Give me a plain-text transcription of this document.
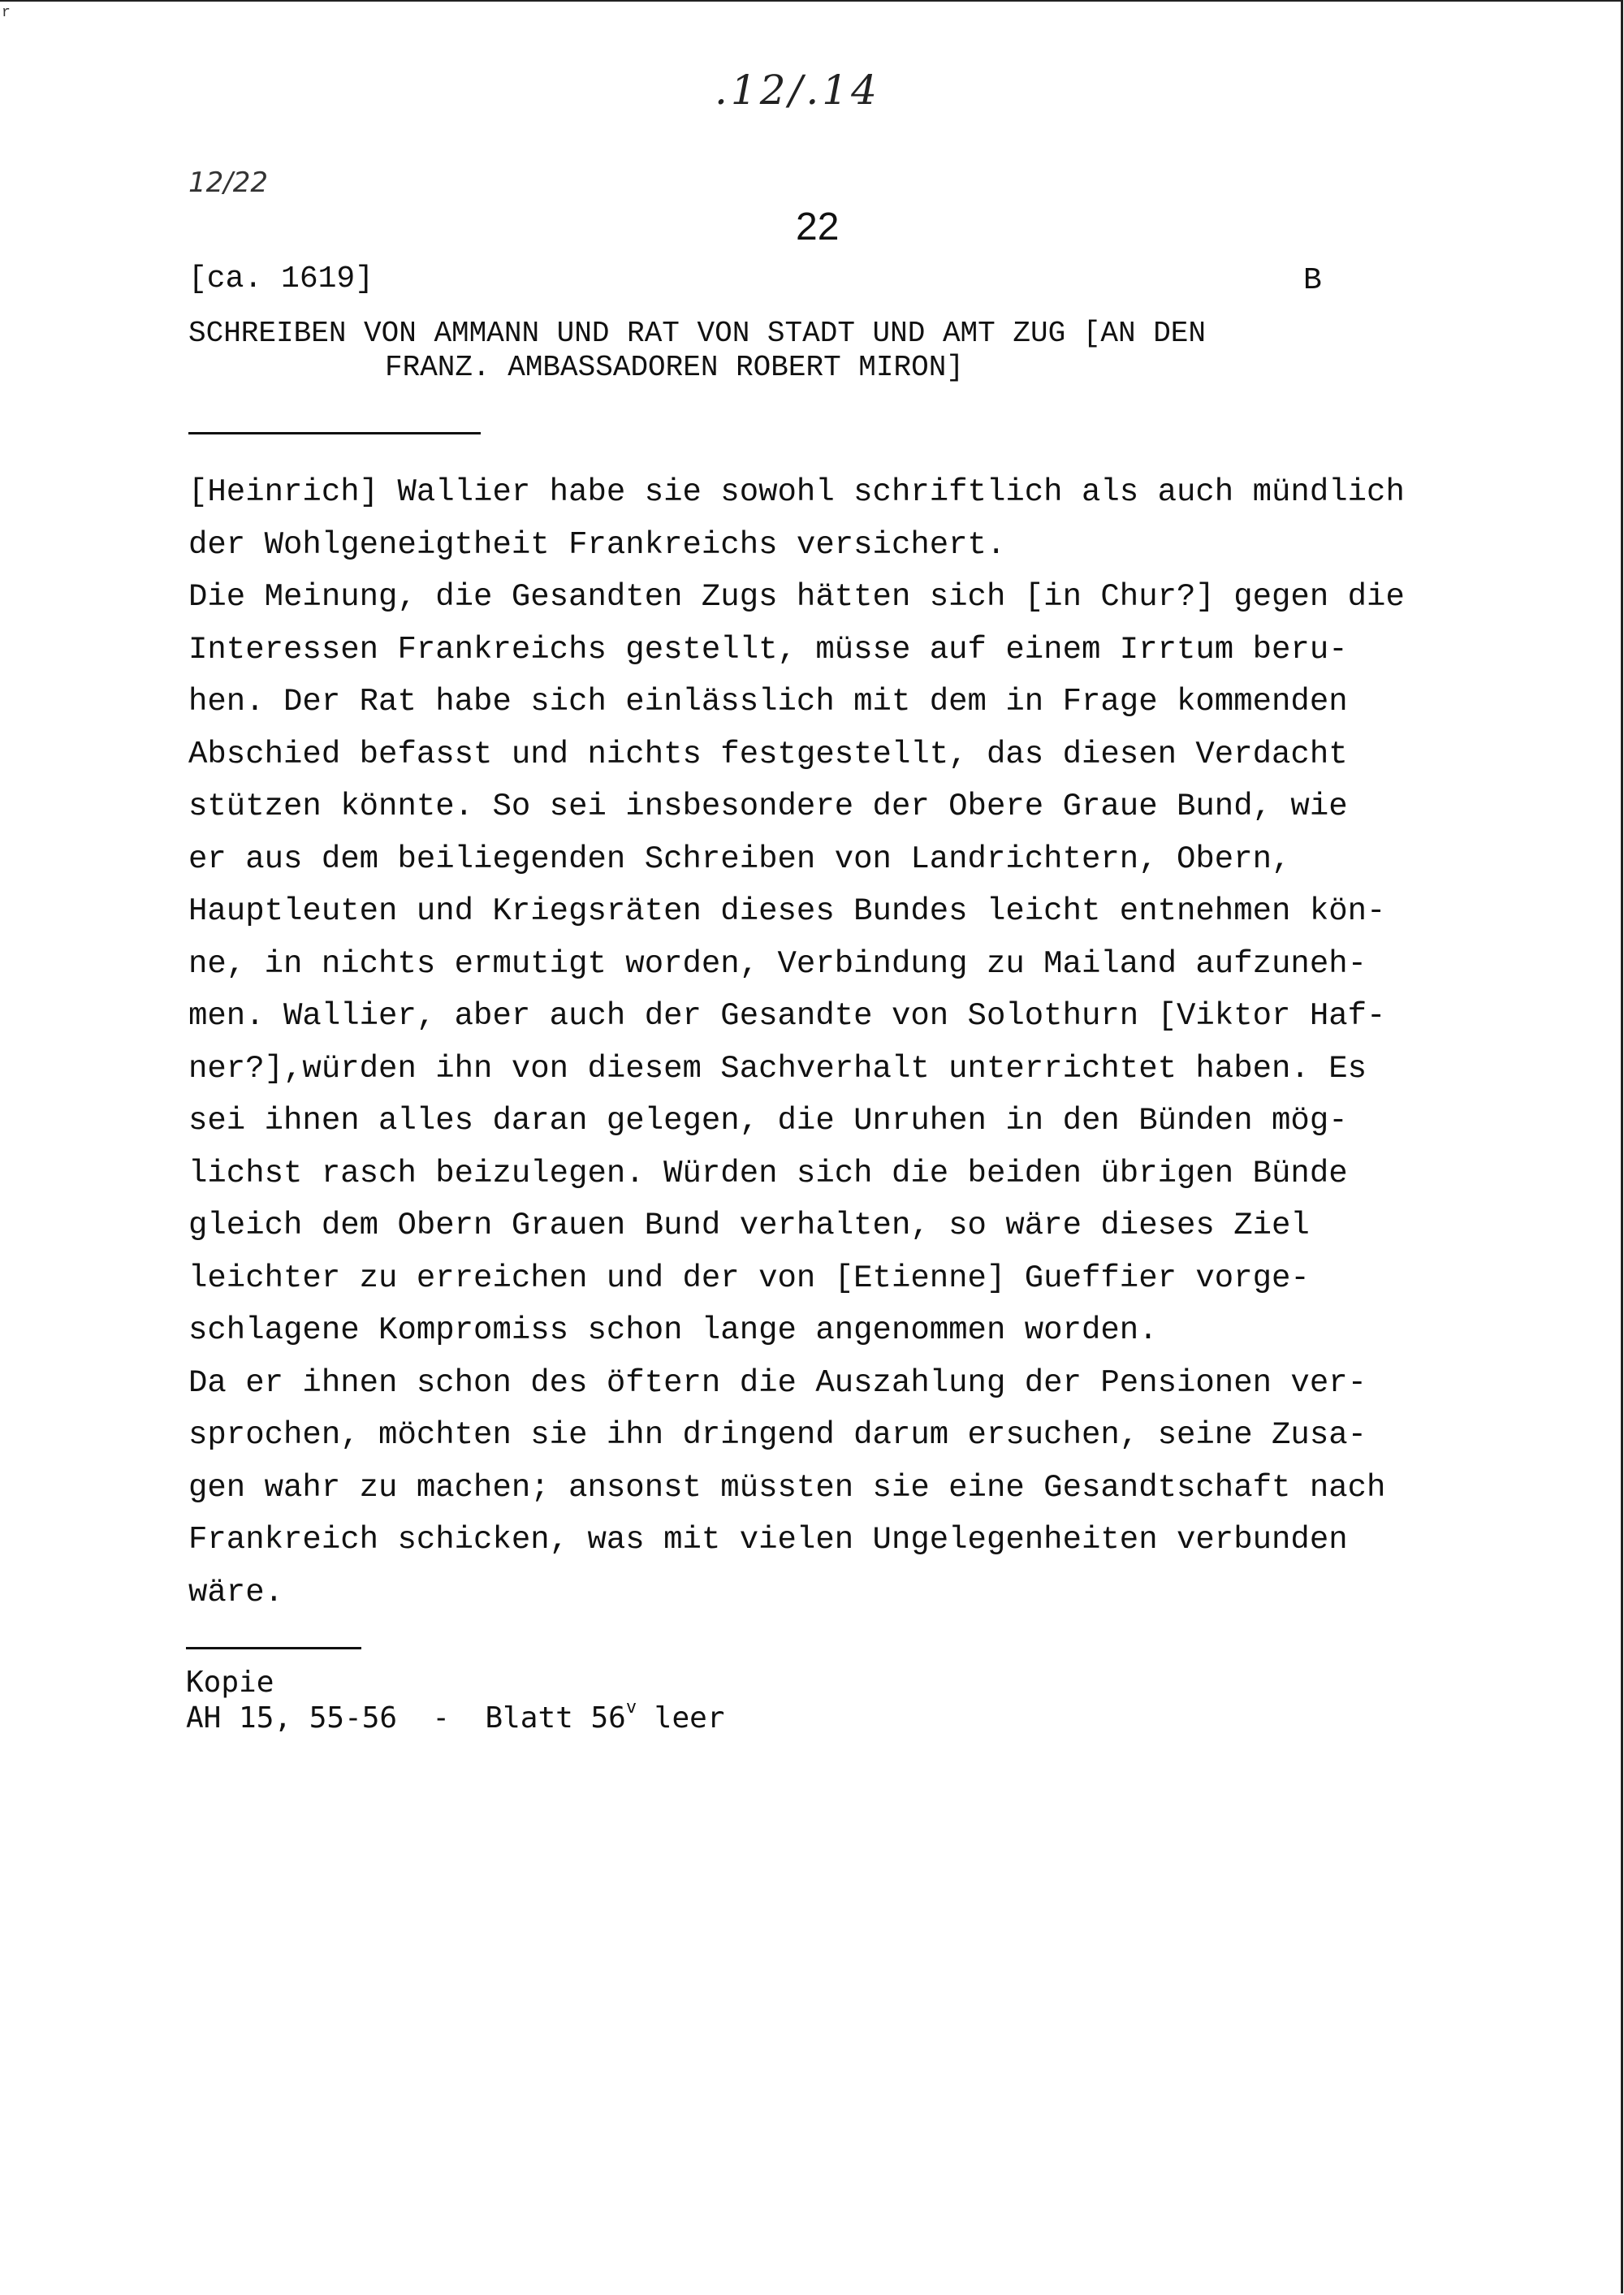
r
.12/.14
12/22
22
[ca. 1619]	B
SCHREIBEN VON AMMANN UND RAT VON STADT UND AMT ZUG [AN DEN
FRANZ. AMBASSADOREN ROBERT MIRON]
[Heinrich] Wallier habe sie sowohl schriftlich als auch mündlich
der Wohlgeneigtheit Frankreichs versichert.
Die Meinung, die Gesandten Zugs hätten sich [in Chur?] gegen die
Interessen Frankreichs gestellt, müsse auf einem Irrtum beru-
hen. Der Rat habe sich einlässlich mit dem in Frage kommenden
Abschied befasst und nichts festgestellt, das diesen Verdacht
stützen könnte. So sei insbesondere der Obere Graue Bund, wie
er aus dem beiliegenden Schreiben von Landrichtern, Obern,
Hauptleuten und Kriegsräten dieses Bundes leicht entnehmen kön-
ne, in nichts ermutigt worden, Verbindung zu Mailand aufzuneh-
men. Wallier, aber auch der Gesandte von Solothurn [Viktor Haf-
ner?],würden ihn von diesem Sachverhalt unterrichtet haben. Es
sei ihnen alles daran gelegen, die Unruhen in den Bünden mög-
lichst rasch beizulegen. Würden sich die beiden übrigen Bünde
gleich dem Obern Grauen Bund verhalten, so wäre dieses Ziel
leichter zu erreichen und der von [Etienne] Gueffier vorge-
schlagene Kompromiss schon lange angenommen worden.
Da er ihnen schon des öftern die Auszahlung der Pensionen ver-
sprochen, möchten sie ihn dringend darum ersuchen, seine Zusa-
gen wahr zu machen; ansonst müssten sie eine Gesandtschaft nach
Frankreich schicken, was mit vielen Ungelegenheiten verbunden
wäre.
Kopie
AH 15, 55-56  -  Blatt 56$^v$ leer
